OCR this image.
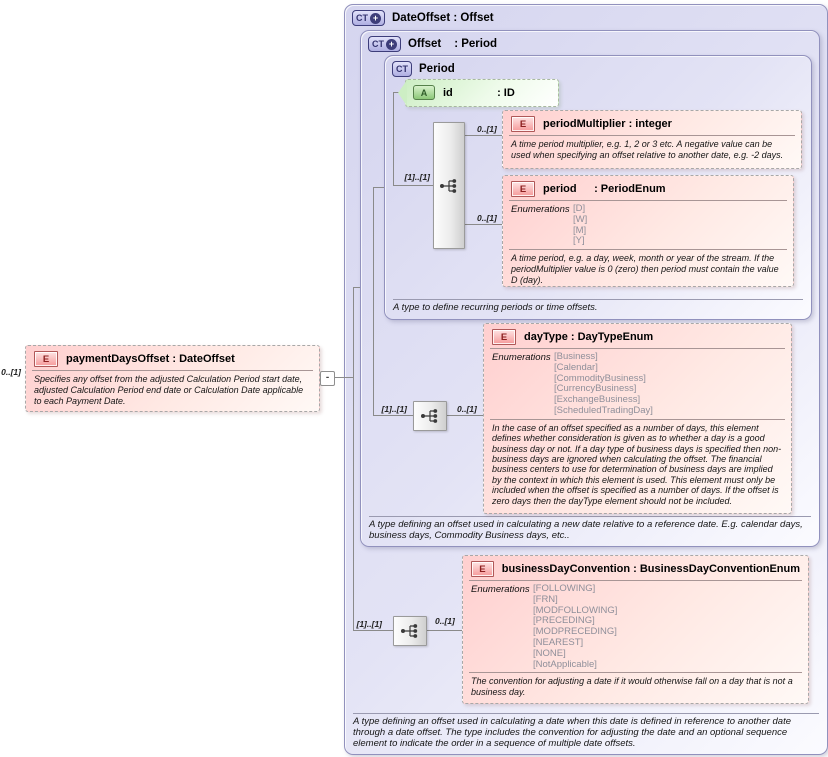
CT + DateOffset : Offset
A type defining an offset used in calculating a date when this date is defined in reference to another date through a date offset. The type includes the convention for adjusting the date and an optional sequence element to indicate the order in a sequence of multiple date offsets.
CT + Offset : Period
A type defining an offset used in calculating a new date relative to a reference date. E.g. calendar days, business days, Commodity Business days, etc..
CT Period
A type to define recurring periods or time offsets.
[1]..[1]
0..[1]
0..[1]
[1]..[1]	0..[1]
[1]..[1]	0..[1]
0..[1]
A	id	: ID
E	periodMultiplier : integer
A time period multiplier, e.g. 1, 2 or 3 etc. A negative value can be used when specifying an offset relative to another date, e.g. -2 days.
E	period : PeriodEnum
Enumerations [D]
[W]
[M]
[Y]
A time period, e.g. a day, week, month or year of the stream. If the periodMultiplier value is 0 (zero) then period must contain the value D (day).
E	dayType : DayTypeEnum
Enumerations [Business]
[Calendar]
[CommodityBusiness]
[CurrencyBusiness]
[ExchangeBusiness]
[ScheduledTradingDay]
In the case of an offset specified as a number of days, this element defines whether consideration is given as to whether a day is a good business day or not. If a day type of business days is specified then non-business days are ignored when calculating the offset. The financial business centers to use for determination of business days are implied by the context in which this element is used. This element must only be included when the offset is specified as a number of days. If the offset is zero days then the dayType element should not be included.
E	businessDayConvention : BusinessDayConventionEnum
Enumerations [FOLLOWING]
[FRN]
[MODFOLLOWING]
[PRECEDING]
[MODPRECEDING]
[NEAREST]
[NONE]
[NotApplicable]
The convention for adjusting a date if it would otherwise fall on a day that is not a business day.
E	paymentDaysOffset : DateOffset
Specifies any offset from the adjusted Calculation Period start date, adjusted Calculation Period end date or Calculation Date applicable to each Payment Date.
-
